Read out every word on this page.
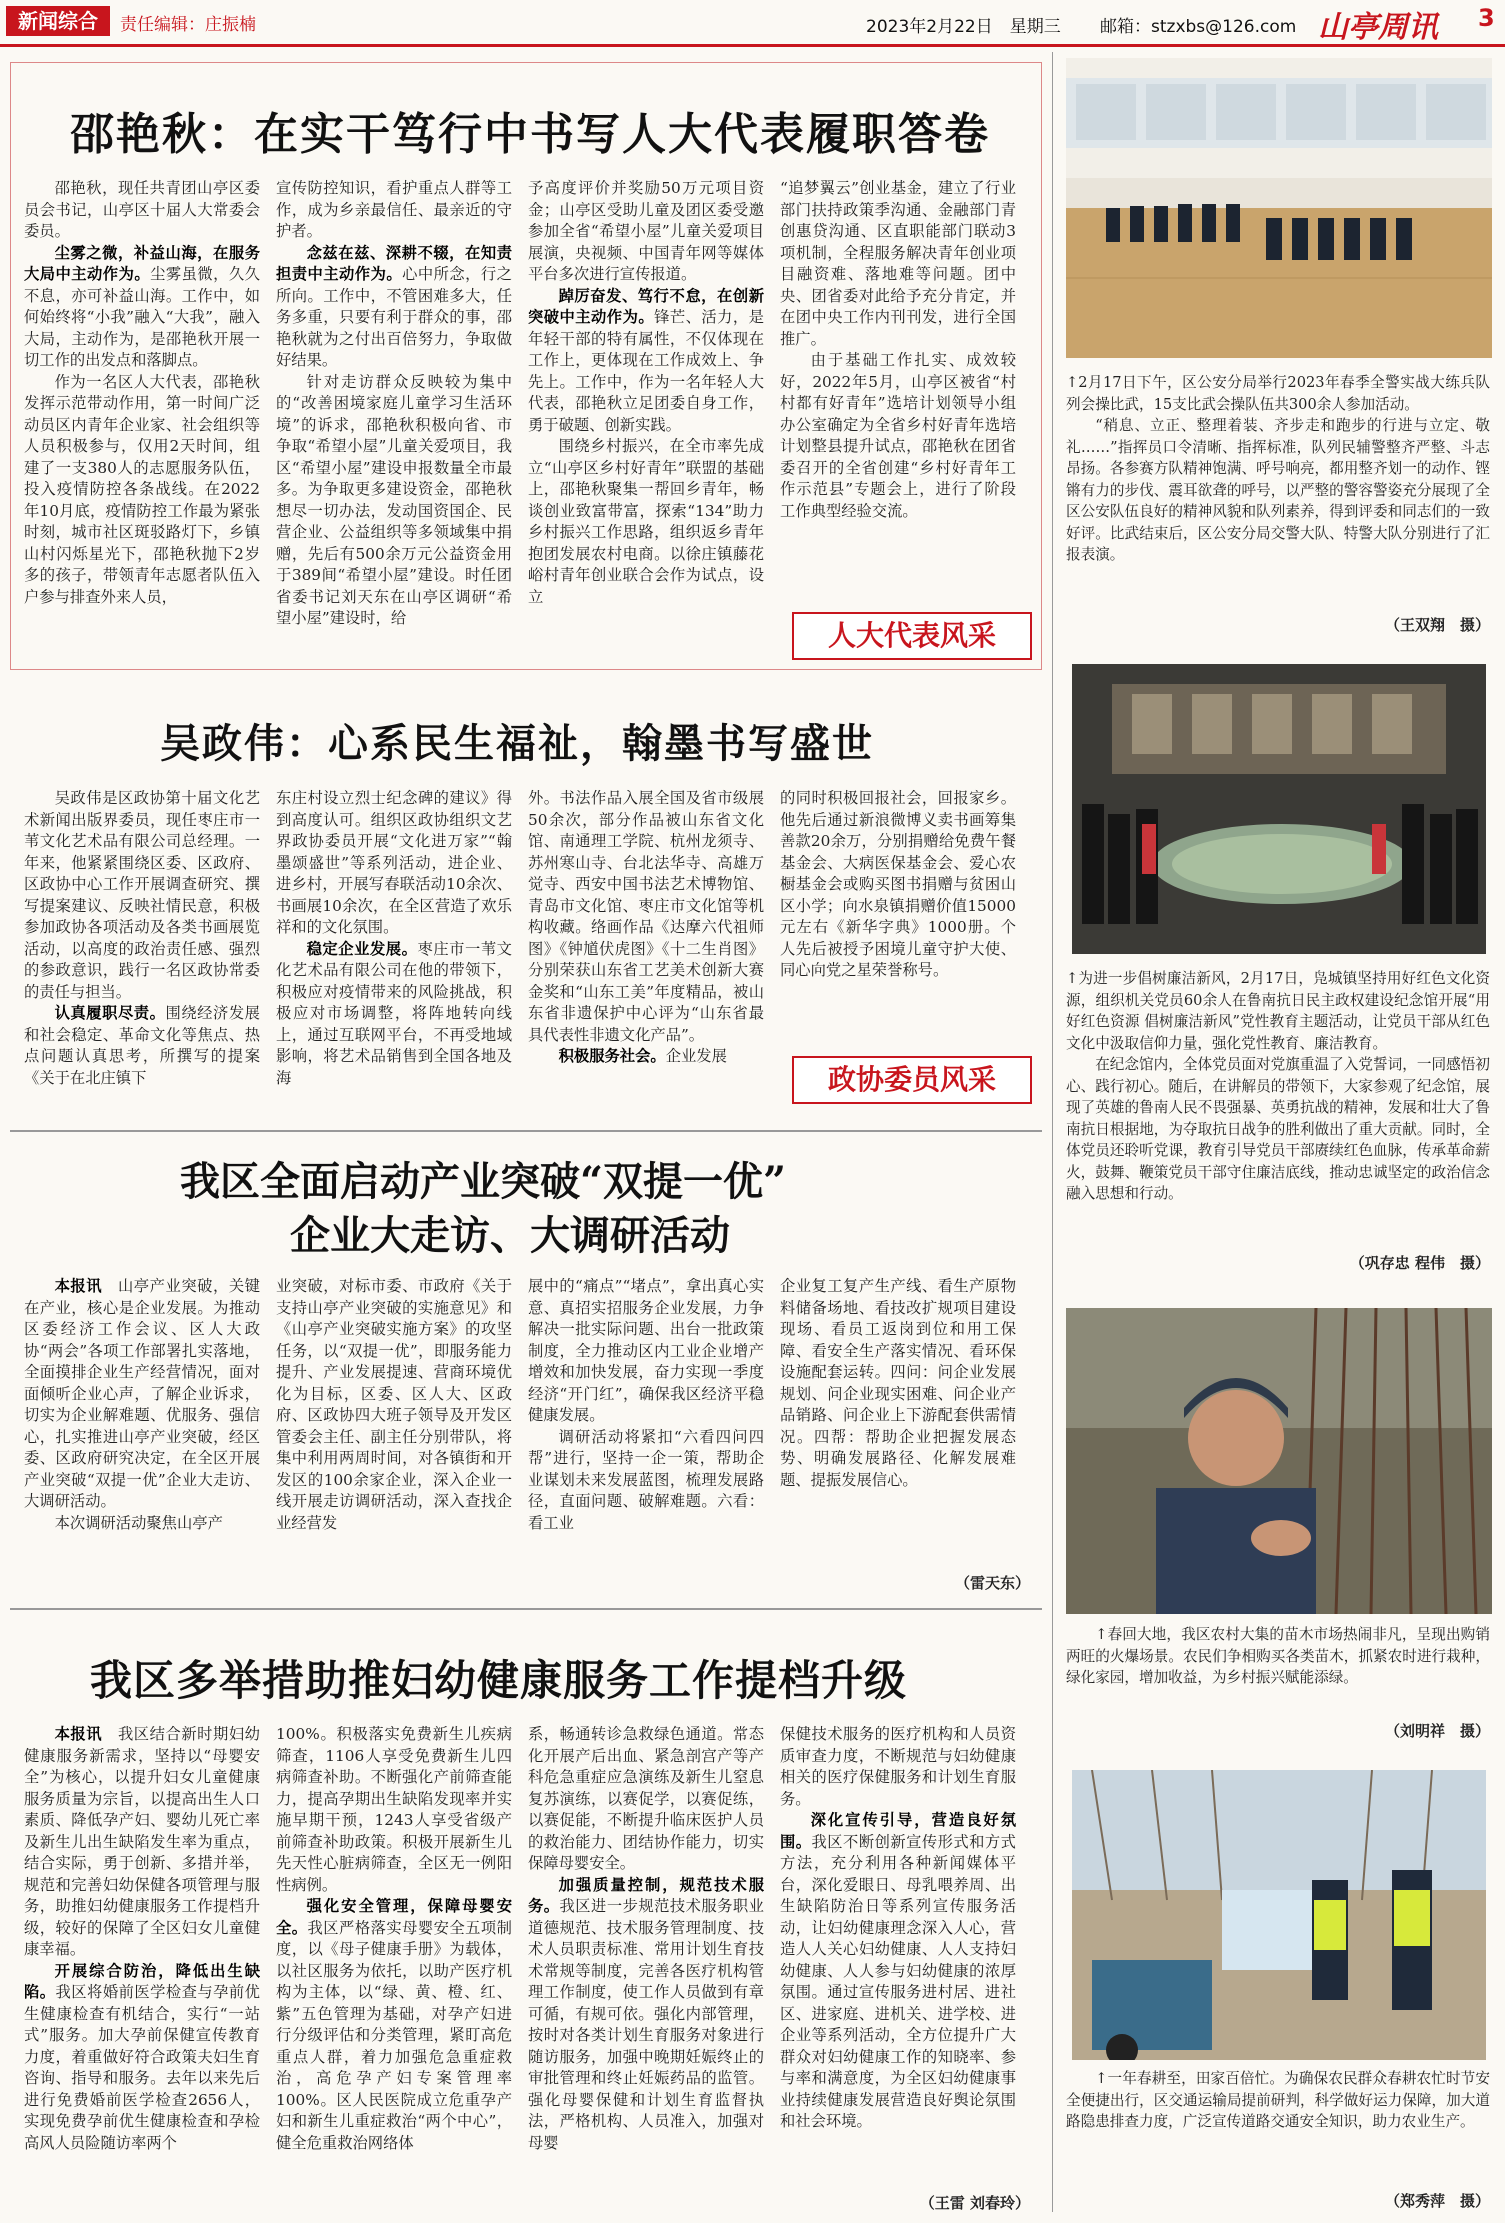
新闻综合	责任编辑：庄振楠	2023年2月22日　星期三 邮箱：stzxbs@126.com 山亭周讯 3
邵艳秋：在实干笃行中书写人大代表履职答卷

邵艳秋，现任共青团山亭区委员会书记，山亭区十届人大常委会委员。

尘雾之微，补益山海，在服务大局中主动作为。尘雾虽微，久久不息，亦可补益山海。工作中，如何始终将“小我”融入“大我”，融入大局，主动作为，是邵艳秋开展一切工作的出发点和落脚点。

作为一名区人大代表，邵艳秋发挥示范带动作用，第一时间广泛动员区内青年企业家、社会组织等人员积极参与，仅用2天时间，组建了一支380人的志愿服务队伍，投入疫情防控各条战线。在2022年10月底，疫情防控工作最为紧张时刻，城市社区斑驳路灯下，乡镇山村闪烁星光下，邵艳秋抛下2岁多的孩子，带领青年志愿者队伍入户参与排查外来人员，

宣传防控知识，看护重点人群等工作，成为乡亲最信任、最亲近的守护者。

念兹在兹、深耕不辍，在知责担责中主动作为。心中所念，行之所向。工作中，不管困难多大，任务多重，只要有利于群众的事，邵艳秋就为之付出百倍努力，争取做好结果。

针对走访群众反映较为集中的“改善困境家庭儿童学习生活环境”的诉求，邵艳秋积极向省、市争取“希望小屋”儿童关爱项目，我区“希望小屋”建设申报数量全市最多。为争取更多建设资金，邵艳秋想尽一切办法，发动国资国企、民营企业、公益组织等多领域集中捐赠，先后有500余万元公益资金用于389间“希望小屋”建设。时任团省委书记刘天东在山亭区调研“希望小屋”建设时，给

予高度评价并奖励50万元项目资金；山亭区受助儿童及团区委受邀参加全省“希望小屋”儿童关爱项目展演，央视频、中国青年网等媒体平台多次进行宣传报道。

踔厉奋发、笃行不怠，在创新突破中主动作为。锋芒、活力，是年轻干部的特有属性，不仅体现在工作上，更体现在工作成效上、争先上。工作中，作为一名年轻人大代表，邵艳秋立足团委自身工作，勇于破题、创新实践。

围绕乡村振兴，在全市率先成立“山亭区乡村好青年”联盟的基础上，邵艳秋聚集一帮回乡青年，畅谈创业致富带富，探索“134”助力乡村振兴工作思路，组织返乡青年抱团发展农村电商。以徐庄镇藤花峪村青年创业联合会作为试点，设立

“追梦翼云”创业基金，建立了行业部门扶持政策季沟通、金融部门青创惠贷沟通、区直职能部门联动3项机制，全程服务解决青年创业项目融资难、落地难等问题。团中央、团省委对此给予充分肯定，并在团中央工作内刊刊发，进行全国推广。

由于基础工作扎实、成效较好，2022年5月，山亭区被省“村村都有好青年”选培计划领导小组办公室确定为全省乡村好青年选培计划整县提升试点，邵艳秋在团省委召开的全省创建“乡村好青年工作示范县”专题会上，进行了阶段工作典型经验交流。

人大代表风采
吴政伟：心系民生福祉，翰墨书写盛世

吴政伟是区政协第十届文化艺术新闻出版界委员，现任枣庄市一苇文化艺术品有限公司总经理。一年来，他紧紧围绕区委、区政府、区政协中心工作开展调查研究、撰写提案建议、反映社情民意，积极参加政协各项活动及各类书画展览活动，以高度的政治责任感、强烈的参政意识，践行一名区政协常委的责任与担当。

认真履职尽责。围绕经济发展和社会稳定、革命文化等焦点、热点问题认真思考，所撰写的提案《关于在北庄镇下

东庄村设立烈士纪念碑的建议》得到高度认可。组织区政协组织文艺界政协委员开展“文化进万家”“翰墨颂盛世”等系列活动，进企业、进乡村，开展写春联活动10余次、书画展10余次，在全区营造了欢乐祥和的文化氛围。

稳定企业发展。枣庄市一苇文化艺术品有限公司在他的带领下，积极应对疫情带来的风险挑战，积极应对市场调整，将阵地转向线上，通过互联网平台，不再受地域影响，将艺术品销售到全国各地及海

外。书法作品入展全国及省市级展50余次，部分作品被山东省文化馆、南通理工学院、杭州龙须寺、苏州寒山寺、台北法华寺、高雄万觉寺、西安中国书法艺术博物馆、青岛市文化馆、枣庄市文化馆等机构收藏。络画作品《达摩六代祖师图》《钟馗伏虎图》《十二生肖图》分别荣获山东省工艺美术创新大赛金奖和“山东工美”年度精品，被山东省非遗保护中心评为“山东省最具代表性非遗文化产品”。

积极服务社会。企业发展

的同时积极回报社会，回报家乡。他先后通过新浪微博义卖书画筹集善款20余万，分别捐赠给免费午餐基金会、大病医保基金会、爱心农橱基金会或购买图书捐赠与贫困山区小学；向水泉镇捐赠价值15000元左右《新华字典》1000册。个人先后被授予困境儿童守护大使、同心向党之星荣誉称号。

政协委员风采
我区全面启动产业突破“双提一优”
企业大走访、大调研活动

本报讯　 山亭产业突破，关键在产业，核心是企业发展。为推动区委经济工作会议、区人大政协“两会”各项工作部署扎实落地，全面摸排企业生产经营情况，面对面倾听企业心声，了解企业诉求，切实为企业解难题、优服务、强信心，扎实推进山亭产业突破，经区委、区政府研究决定，在全区开展产业突破“双提一优”企业大走访、大调研活动。

本次调研活动聚焦山亭产

业突破，对标市委、市政府《关于支持山亭产业突破的实施意见》和《山亭产业突破实施方案》的攻坚任务，以“双提一优”，即服务能力提升、产业发展提速、营商环境优化为目标，区委、区人大、区政府、区政协四大班子领导及开发区管委会主任、副主任分别带队，将集中利用两周时间，对各镇街和开发区的100余家企业，深入企业一线开展走访调研活动，深入查找企业经营发

展中的“痛点”“堵点”，拿出真心实意、真招实招服务企业发展，力争解决一批实际问题、出台一批政策制度，全力推动区内工业企业增产增效和加快发展，奋力实现一季度经济“开门红”，确保我区经济平稳健康发展。

调研活动将紧扣“六看四问四帮”进行，坚持一企一策，帮助企业谋划未来发展蓝图，梳理发展路径，直面问题、破解难题。六看：看工业

企业复工复产生产线、看生产原物料储备场地、看技改扩规项目建设现场、看员工返岗到位和用工保障、看安全生产落实情况、看环保设施配套运转。四问：问企业发展规划、问企业现实困难、问企业产品销路、问企业上下游配套供需情况。四帮：帮助企业把握发展态势、明确发展路径、化解发展难题、提振发展信心。

（雷天东）
我区多举措助推妇幼健康服务工作提档升级

本报讯　 我区结合新时期妇幼健康服务新需求，坚持以“母婴安全”为核心，以提升妇女儿童健康服务质量为宗旨，以提高出生人口素质、降低孕产妇、婴幼儿死亡率及新生儿出生缺陷发生率为重点，结合实际，勇于创新、多措并举，规范和完善妇幼保健各项管理与服务，助推妇幼健康服务工作提档升级，较好的保障了全区妇女儿童健康幸福。

开展综合防治，降低出生缺陷。我区将婚前医学检查与孕前优生健康检查有机结合，实行“一站式”服务。加大孕前保健宣传教育力度，着重做好符合政策夫妇生育咨询、指导和服务。去年以来先后进行免费婚前医学检查2656人，实现免费孕前优生健康检查和孕检高风人员险随访率两个

100%。积极落实免费新生儿疾病筛查，1106人享受免费新生儿四病筛查补助。不断强化产前筛查能力，提高孕期出生缺陷发现率并实施早期干预，1243人享受省级产前筛查补助政策。积极开展新生儿先天性心脏病筛查，全区无一例阳性病例。

强化安全管理，保障母婴安全。我区严格落实母婴安全五项制度，以《母子健康手册》为载体，以社区服务为依托，以助产医疗机构为主体，以“绿、黄、橙、红、紫”五色管理为基础，对孕产妇进行分级评估和分类管理，紧盯高危重点人群，着力加强危急重症救治，高危孕产妇专案管理率100%。区人民医院成立危重孕产妇和新生儿重症救治“两个中心”，健全危重救治网络体

系，畅通转诊急救绿色通道。常态化开展产后出血、紧急剖宫产等产科危急重症应急演练及新生儿窒息复苏演练，以赛促学，以赛促练，以赛促能，不断提升临床医护人员的救治能力、团结协作能力，切实保障母婴安全。

加强质量控制，规范技术服务。我区进一步规范技术服务职业道德规范、技术服务管理制度、技术人员职责标准、常用计划生育技术常规等制度，完善各医疗机构管理工作制度，使工作人员做到有章可循，有规可依。强化内部管理，按时对各类计划生育服务对象进行随访服务，加强中晚期妊娠终止的审批管理和终止妊娠药品的监管。强化母婴保健和计划生育监督执法，严格机构、人员准入，加强对母婴

保健技术服务的医疗机构和人员资质审查力度，不断规范与妇幼健康相关的医疗保健服务和计划生育服务。

深化宣传引导，营造良好氛围。我区不断创新宣传形式和方式方法，充分利用各种新闻媒体平台，深化爱眼日、母乳喂养周、出生缺陷防治日等系列宣传服务活动，让妇幼健康理念深入人心，营造人人关心妇幼健康、人人支持妇幼健康、人人参与妇幼健康的浓厚氛围。通过宣传服务进村居、进社区、进家庭、进机关、进学校、进企业等系列活动，全方位提升广大群众对妇幼健康工作的知晓率、参与率和满意度，为全区妇幼健康事业持续健康发展营造良好舆论氛围和社会环境。

（王雷 刘春玲）

↑2月17日下午，区公安分局举行2023年春季全警实战大练兵队列会操比武，15支比武会操队伍共300余人参加活动。

“稍息、立正、整理着装、齐步走和跑步的行进与立定、敬礼……”指挥员口令清晰、指挥标准，队列民辅警整齐严整、斗志昂扬。各参赛方队精神饱满、呼号响亮，都用整齐划一的动作、铿锵有力的步伐、震耳欲聋的呼号，以严整的警容警姿充分展现了全区公安队伍良好的精神风貌和队列素养，得到评委和同志们的一致好评。比武结束后，区公安分局交警大队、特警大队分别进行了汇报表演。

（王双翔　摄）

↑为进一步倡树廉洁新风，2月17日，凫城镇坚持用好红色文化资源，组织机关党员60余人在鲁南抗日民主政权建设纪念馆开展“用好红色资源 倡树廉洁新风”党性教育主题活动，让党员干部从红色文化中汲取信仰力量，强化党性教育、廉洁教育。

在纪念馆内，全体党员面对党旗重温了入党誓词，一同感悟初心、践行初心。随后，在讲解员的带领下，大家参观了纪念馆，展现了英雄的鲁南人民不畏强暴、英勇抗战的精神，发展和壮大了鲁南抗日根据地，为夺取抗日战争的胜利做出了重大贡献。同时，全体党员还聆听党课，教育引导党员干部赓续红色血脉，传承革命薪火，鼓舞、鞭策党员干部守住廉洁底线，推动忠诚坚定的政治信念融入思想和行动。

（巩存忠 程伟　摄）

↑春回大地，我区农村大集的苗木市场热闹非凡，呈现出购销两旺的火爆场景。农民们争相购买各类苗木，抓紧农时进行栽种，绿化家园，增加收益，为乡村振兴赋能添绿。

（刘明祥　摄）

↑一年春耕至，田家百倍忙。为确保农民群众春耕农忙时节安全便捷出行，区交通运输局提前研判，科学做好运力保障，加大道路隐患排查力度，广泛宣传道路交通安全知识，助力农业生产。

（郑秀萍　摄）
